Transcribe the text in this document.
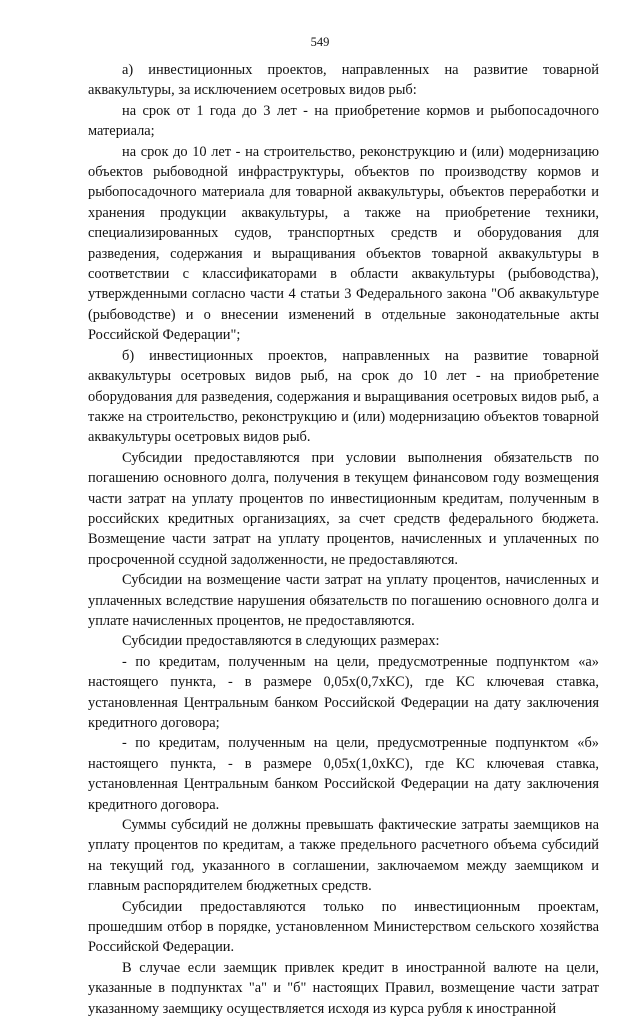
549

а) инвестиционных проектов, направленных на развитие товарной аквакультуры, за исключением осетровых видов рыб:

на срок от 1 года до 3 лет - на приобретение кормов и рыбопосадочного материала;

на срок до 10 лет - на строительство, реконструкцию и (или) модернизацию объектов рыбоводной инфраструктуры, объектов по производству кормов и рыбопосадочного материала для товарной аквакультуры, объектов переработки и хранения продукции аквакультуры, а также на приобретение техники, специализированных судов, транспортных средств и оборудования для разведения, содержания и выращивания объектов товарной аквакультуры в соответствии с классификаторами в области аквакультуры (рыбоводства), утвержденными согласно части 4 статьи 3 Федерального закона "Об аквакультуре (рыбоводстве) и о внесении изменений в отдельные законодательные акты Российской Федерации";

б) инвестиционных проектов, направленных на развитие товарной аквакультуры осетровых видов рыб, на срок до 10 лет - на приобретение оборудования для разведения, содержания и выращивания осетровых видов рыб, а также на строительство, реконструкцию и (или) модернизацию объектов товарной аквакультуры осетровых видов рыб.

Субсидии предоставляются при условии выполнения обязательств по погашению основного долга, получения в текущем финансовом году возмещения части затрат на уплату процентов по инвестиционным кредитам, полученным в российских кредитных организациях, за счет средств федерального бюджета. Возмещение части затрат на уплату процентов, начисленных и уплаченных по просроченной ссудной задолженности, не предоставляются.

Субсидии на возмещение части затрат на уплату процентов, начисленных и уплаченных вследствие нарушения обязательств по погашению основного долга и уплате начисленных процентов, не предоставляются.

Субсидии предоставляются в следующих размерах:

- по кредитам, полученным на цели, предусмотренные подпунктом «а» настоящего пункта, - в размере 0,05х(0,7хКС), где КС ключевая ставка, установленная Центральным банком Российской Федерации на дату заключения кредитного договора;

- по кредитам, полученным на цели, предусмотренные подпунктом «б» настоящего пункта, - в размере 0,05х(1,0хКС), где КС ключевая ставка, установленная Центральным банком Российской Федерации на дату заключения кредитного договора.

Суммы субсидий не должны превышать фактические затраты заемщиков на уплату процентов по кредитам, а также предельного расчетного объема субсидий на текущий год, указанного в соглашении, заключаемом между заемщиком и главным распорядителем бюджетных средств.

Субсидии предоставляются только по инвестиционным проектам, прошедшим отбор в порядке, установленном Министерством сельского хозяйства Российской Федерации.

В случае если заемщик привлек кредит в иностранной валюте на цели, указанные в подпунктах "а" и "б" настоящих Правил, возмещение части затрат указанному заемщику осуществляется исходя из курса рубля к иностранной
